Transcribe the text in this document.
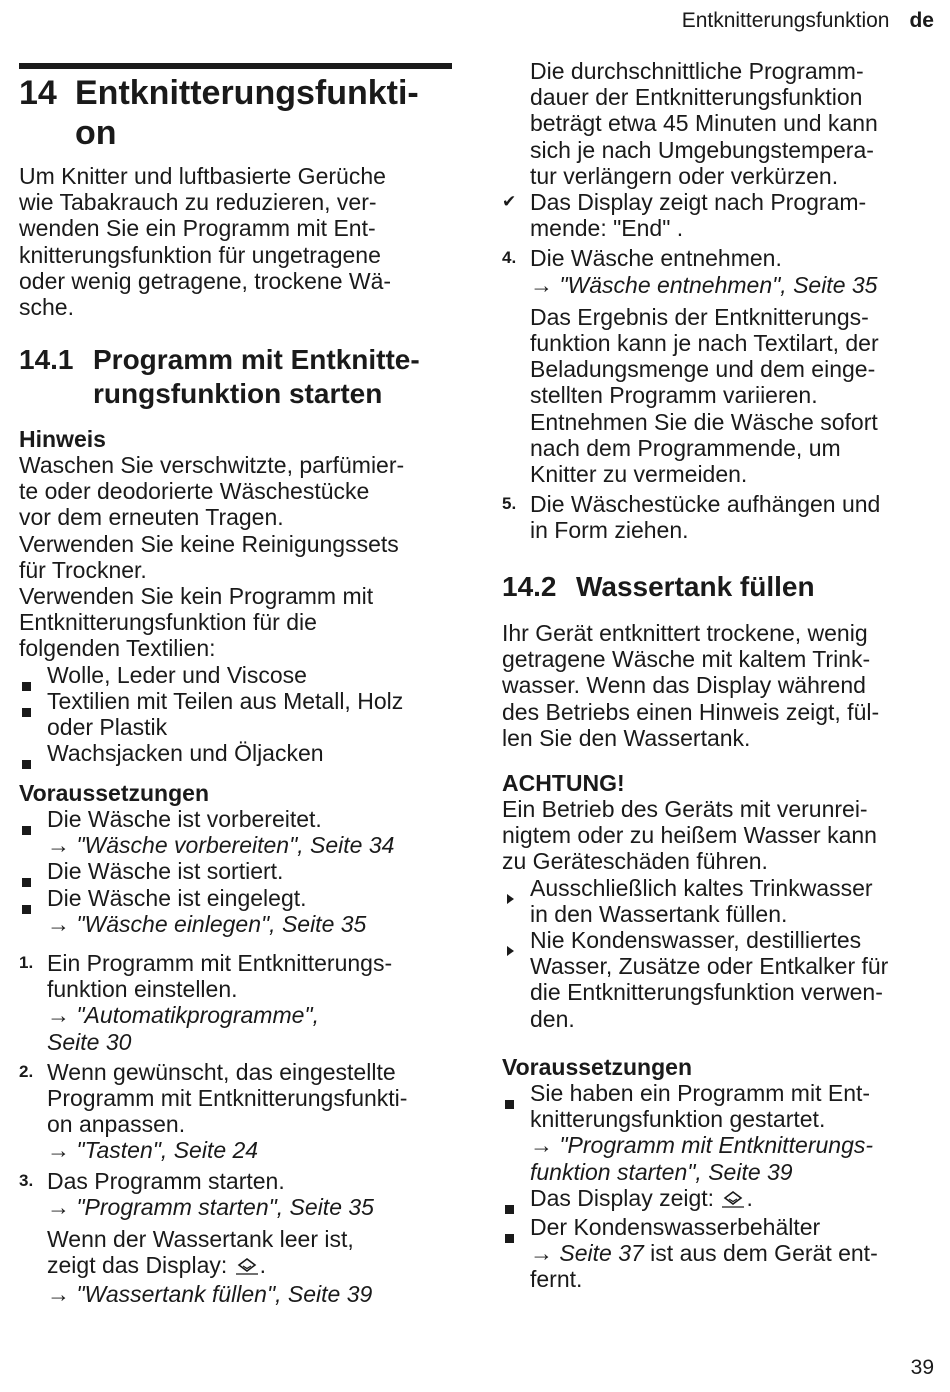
Entknitterungsfunktion de
14 Entknitterungsfunkti-
on
Um Knitter und luftbasierte Gerüche
wie Tabakrauch zu reduzieren, ver-
wenden Sie ein Programm mit Ent-
knitterungsfunktion für ungetragene
oder wenig getragene, trockene Wä-
sche.
14.1 Programm mit Entknitte-
rungsfunktion starten
Hinweis
Waschen Sie verschwitzte, parfümier-
te oder deodorierte Wäschestücke
vor dem erneuten Tragen.
Verwenden Sie keine Reinigungssets
für Trockner.
Verwenden Sie kein Programm mit
Entknitterungsfunktion für die
folgenden Textilien:
Wolle, Leder und Viscose
Textilien mit Teilen aus Metall, Holz
oder Plastik
Wachsjacken und Öljacken
Voraussetzungen
Die Wäsche ist vorbereitet.
→ "Wäsche vorbereiten", Seite 34
Die Wäsche ist sortiert.
Die Wäsche ist eingelegt.
→ "Wäsche einlegen", Seite 35
1. Ein Programm mit Entknitterungs-
funktion einstellen.
→ "Automatikprogramme",
Seite 30
2. Wenn gewünscht, das eingestellte
Programm mit Entknitterungsfunkti-
on anpassen.
→ "Tasten", Seite 24
3. Das Programm starten.
→ "Programm starten", Seite 35
Wenn der Wassertank leer ist,
zeigt das Display: .
→ "Wassertank füllen", Seite 39
Die durchschnittliche Programm-
dauer der Entknitterungsfunktion
beträgt etwa 45 Minuten und kann
sich je nach Umgebungstempera-
tur verlängern oder verkürzen.
✔ Das Display zeigt nach Program-
mende: "End" .
4. Die Wäsche entnehmen.
→ "Wäsche entnehmen", Seite 35
Das Ergebnis der Entknitterungs-
funktion kann je nach Textilart, der
Beladungsmenge und dem einge-
stellten Programm variieren.
Entnehmen Sie die Wäsche sofort
nach dem Programmende, um
Knitter zu vermeiden.
5. Die Wäschestücke aufhängen und
in Form ziehen.
14.2 Wassertank füllen
Ihr Gerät entknittert trockene, wenig
getragene Wäsche mit kaltem Trink-
wasser. Wenn das Display während
des Betriebs einen Hinweis zeigt, fül-
len Sie den Wassertank.
ACHTUNG!
Ein Betrieb des Geräts mit verunrei-
nigtem oder zu heißem Wasser kann
zu Geräteschäden führen.
Ausschließlich kaltes Trinkwasser
in den Wassertank füllen.
Nie Kondenswasser, destilliertes
Wasser, Zusätze oder Entkalker für
die Entknitterungsfunktion verwen-
den.
Voraussetzungen
Sie haben ein Programm mit Ent-
knitterungsfunktion gestartet.
→ "Programm mit Entknitterungs-
funktion starten", Seite 39
Das Display zeigt: .
Der Kondenswasserbehälter
→ Seite 37 ist aus dem Gerät ent-
fernt.
39
